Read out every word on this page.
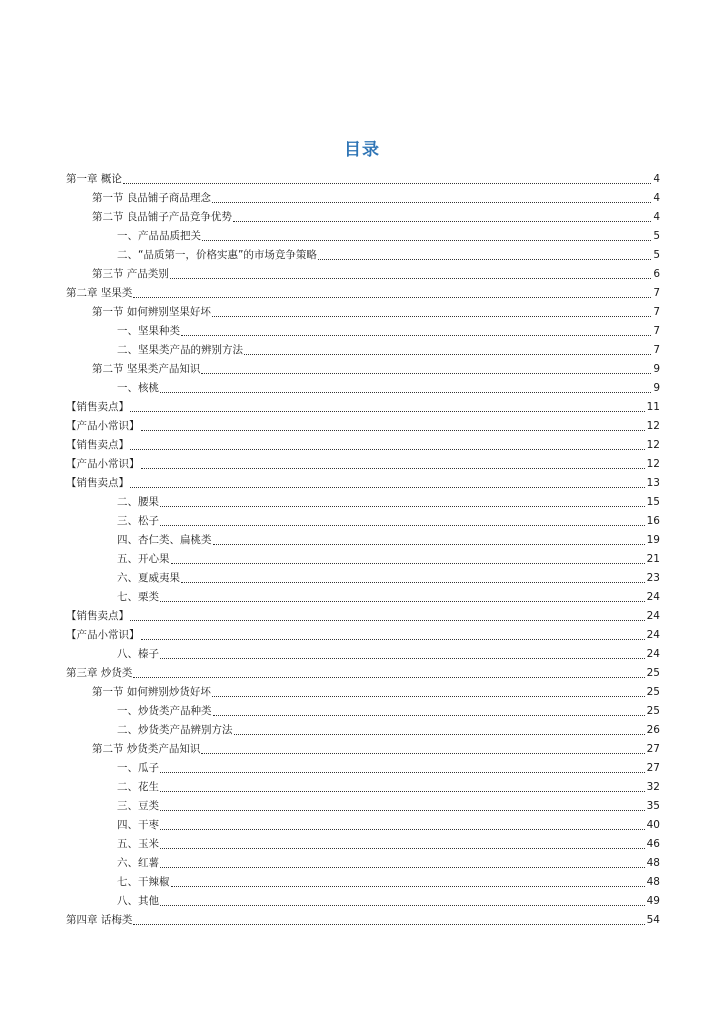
目录
第一章 概论	4
第一节 良品铺子商品理念	4
第二节 良品铺子产品竞争优势	4
一、产品品质把关	5
二、“品质第一，价格实惠”的市场竞争策略	5
第三节 产品类别	6
第二章 坚果类	7
第一节 如何辨别坚果好坏	7
一、坚果种类	7
二、坚果类产品的辨别方法	7
第二节 坚果类产品知识	9
一、核桃	9
【销售卖点】	11
【产品小常识】	12
【销售卖点】	12
【产品小常识】	12
【销售卖点】	13
二、腰果	15
三、松子	16
四、杏仁类、扁桃类	19
五、开心果	21
六、夏威夷果	23
七、栗类	24
【销售卖点】	24
【产品小常识】	24
八、榛子	24
第三章 炒货类	25
第一节 如何辨别炒货好坏	25
一、炒货类产品种类	25
二、炒货类产品辨别方法	26
第二节 炒货类产品知识	27
一、瓜子	27
二、花生	32
三、豆类	35
四、干枣	40
五、玉米	46
六、红薯	48
七、干辣椒	48
八、其他	49
第四章 话梅类	54
